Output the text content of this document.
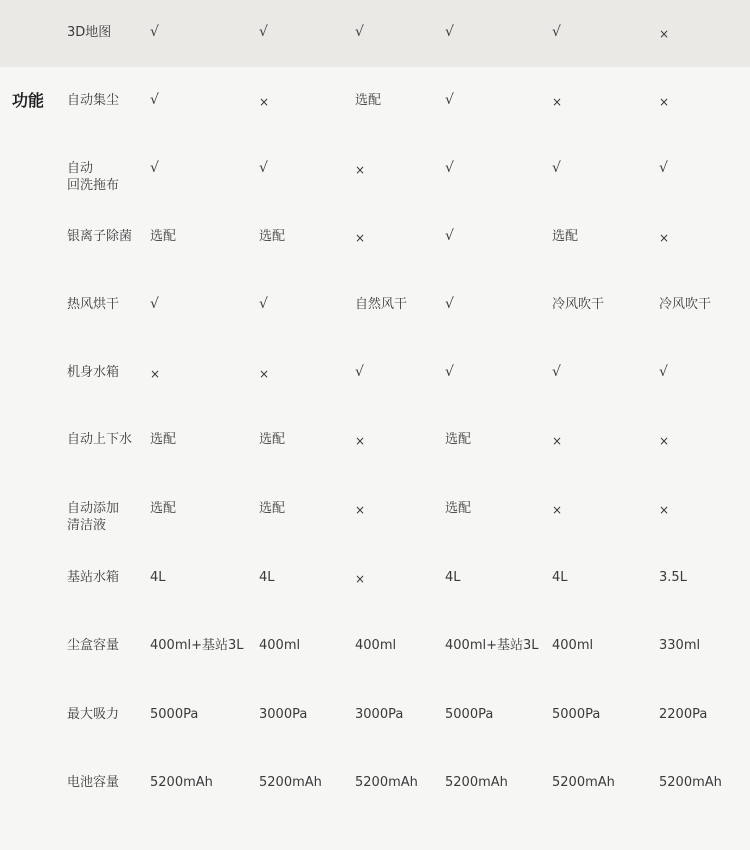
功能
3D地图	√	√	√	√	√	×
自动集尘 √	×	选配	√	×	×
自动
回洗拖布
√	√	×	√	√	√
银离子除菌 选配	选配	×	√	选配	×
热风烘干 √	√	自然风干	√	冷风吹干	冷风吹干
机身水箱	×	×	√	√	√	√
自动上下水 选配	选配	×	选配	×	×
自动添加
清洁液
选配	选配	×	选配	×	×
基站水箱 4L	4L	×	4L	4L	3.5L
尘盒容量 400ml+基站3L 400ml	400ml	400ml+基站3L 400ml	330ml
最大吸力 5000Pa	3000Pa	3000Pa	5000Pa	5000Pa	2200Pa
电池容量 5200mAh	5200mAh	5200mAh 5200mAh	5200mAh	5200mAh
